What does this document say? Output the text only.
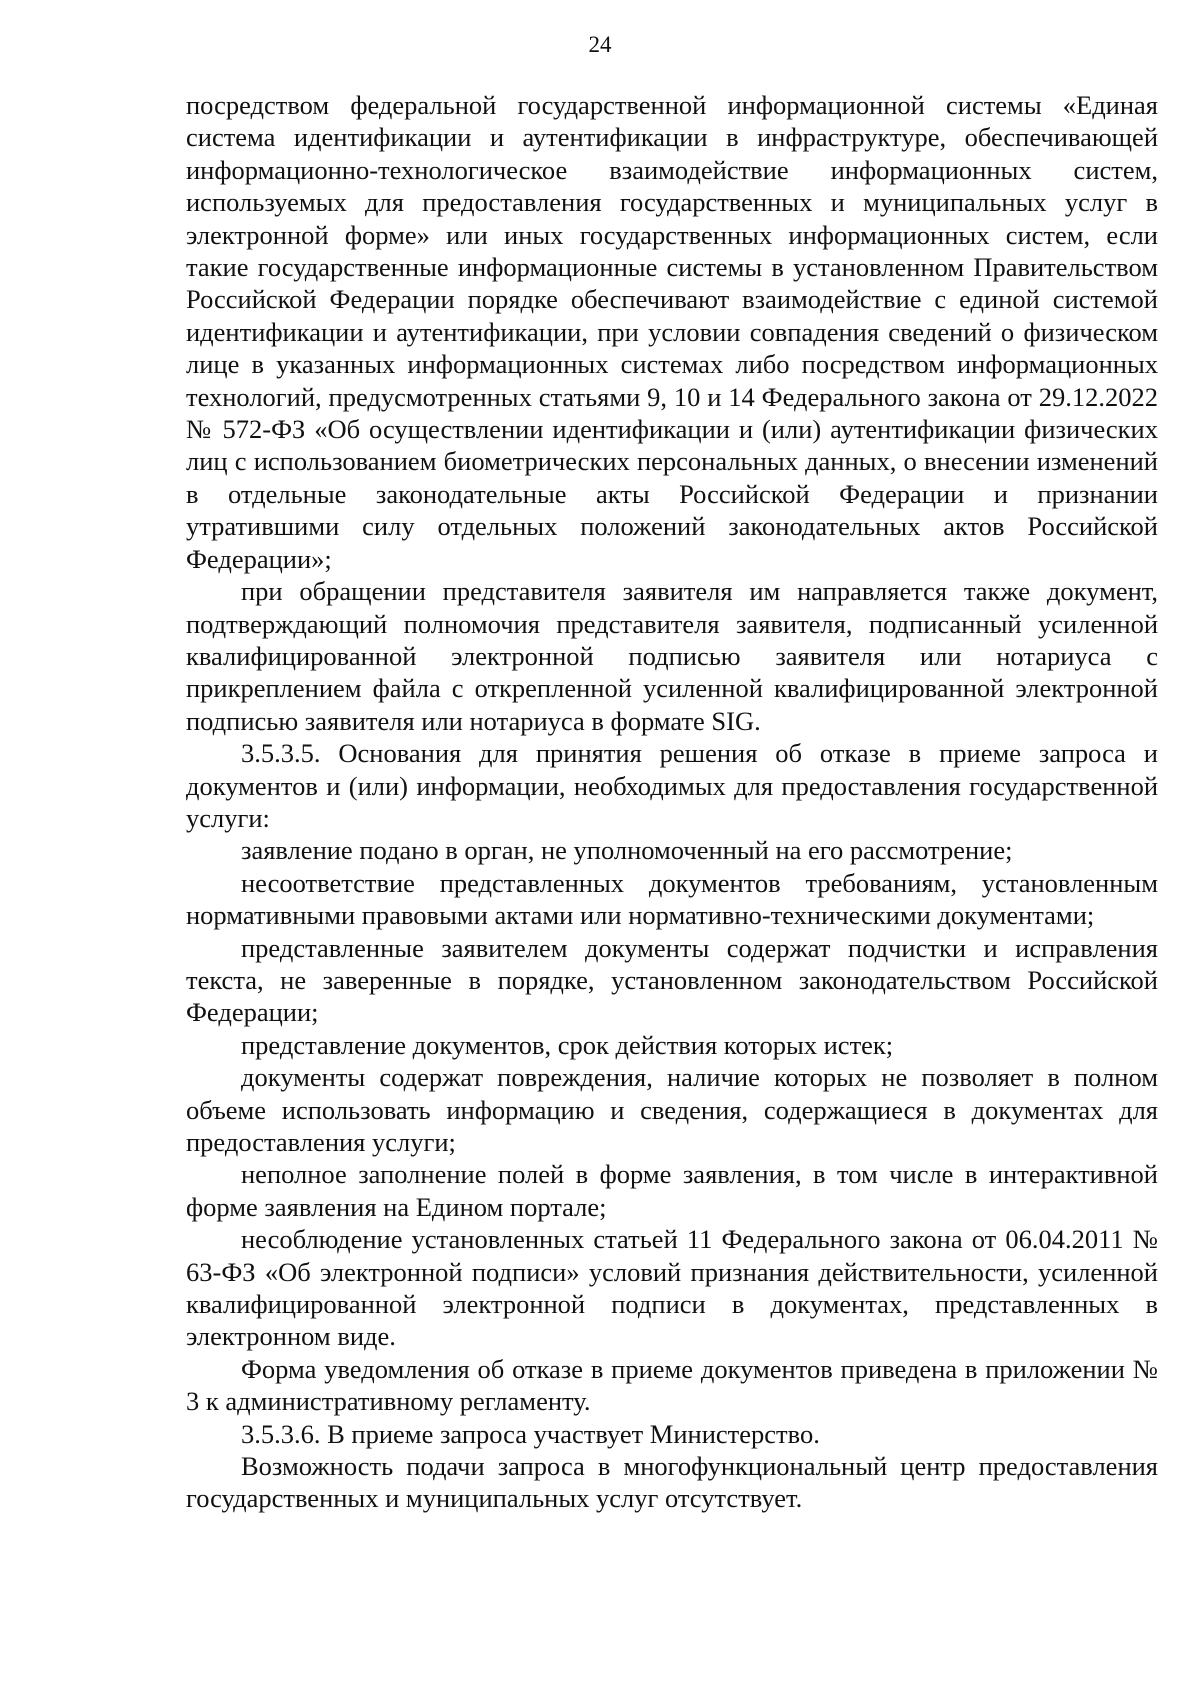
24

посредством федеральной государственной информационной системы «Единая система идентификации и аутентификации в инфраструктуре, обеспечивающей информационно-технологическое взаимодействие информационных систем, используемых для предоставления государственных и муниципальных услуг в электронной форме» или иных государственных информационных систем, если такие государственные информационные системы в установленном Правительством Российской Федерации порядке обеспечивают взаимодействие с единой системой идентификации и аутентификации, при условии совпадения сведений о физическом лице в указанных информационных системах либо посредством информационных технологий, предусмотренных статьями 9, 10 и 14 Федерального закона от 29.12.2022 № 572-ФЗ «Об осуществлении идентификации и (или) аутентификации физических лиц с использованием биометрических персональных данных, о внесении изменений в отдельные законодательные акты Российской Федерации и признании утратившими силу отдельных положений законодательных актов Российской Федерации»;

при обращении представителя заявителя им направляется также документ, подтверждающий полномочия представителя заявителя, подписанный усиленной квалифицированной электронной подписью заявителя или нотариуса с прикреплением файла с открепленной усиленной квалифицированной электронной подписью заявителя или нотариуса в формате SIG.

3.5.3.5. Основания для принятия решения об отказе в приеме запроса и документов и (или) информации, необходимых для предоставления государственной услуги:

заявление подано в орган, не уполномоченный на его рассмотрение;

несоответствие представленных документов требованиям, установленным нормативными правовыми актами или нормативно-техническими документами;

представленные заявителем документы содержат подчистки и исправления текста, не заверенные в порядке, установленном законодательством Российской Федерации;

представление документов, срок действия которых истек;

документы содержат повреждения, наличие которых не позволяет в полном объеме использовать информацию и сведения, содержащиеся в документах для предоставления услуги;

неполное заполнение полей в форме заявления, в том числе в интерактивной форме заявления на Едином портале;

несоблюдение установленных статьей 11 Федерального закона от 06.04.2011 № 63-ФЗ «Об электронной подписи» условий признания действительности, усиленной квалифицированной электронной подписи в документах, представленных в электронном виде.

Форма уведомления об отказе в приеме документов приведена в приложении № 3 к административному регламенту.

3.5.3.6. В приеме запроса участвует Министерство.

Возможность подачи запроса в многофункциональный центр предоставления государственных и муниципальных услуг отсутствует.
